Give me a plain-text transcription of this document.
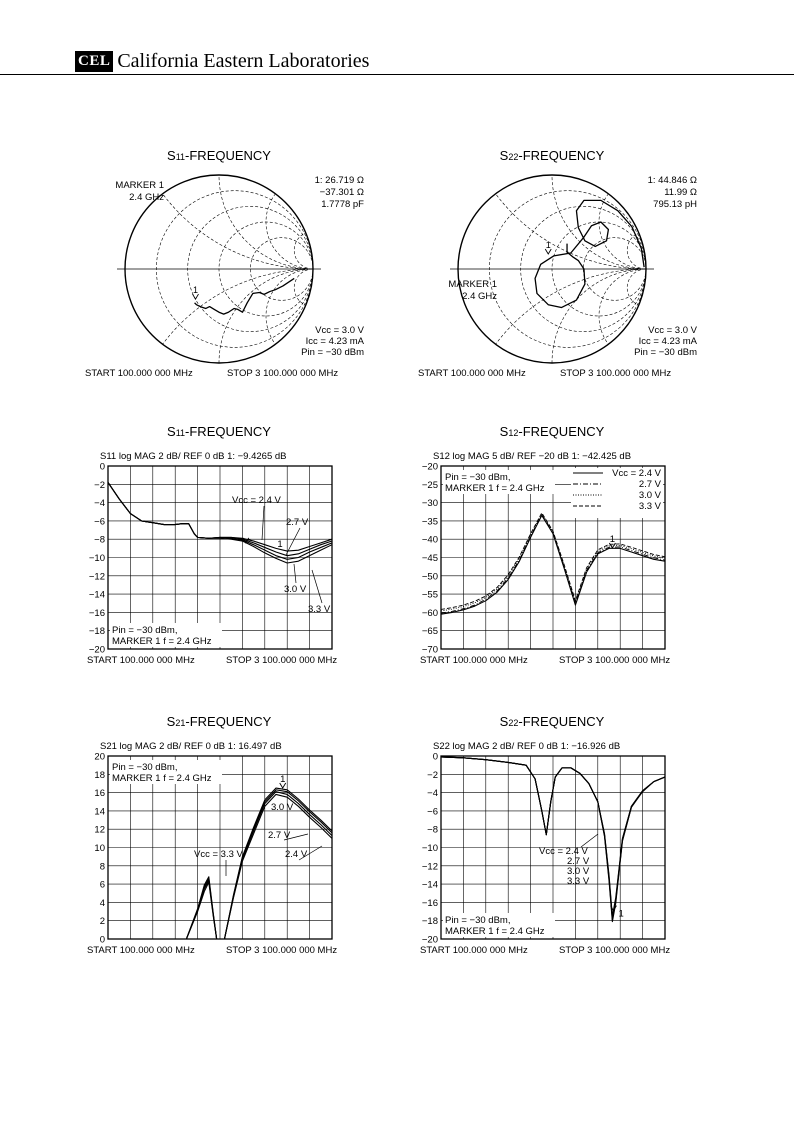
CEL California Eastern Laboratories
S11-FREQUENCY
1
MARKER 1
2.4 GHz
1: 26.719 Ω
−37.301 Ω
1.7778 pF
Vcc = 3.0 V
Icc = 4.23 mA
Pin = −30 dBm
START 100.000 000 MHz	STOP 3 100.000 000 MHz
S22-FREQUENCY
1
MARKER 1
2.4 GHz
1: 44.846 Ω
11.99 Ω
795.13 pH
Vcc = 3.0 V
Icc = 4.23 mA
Pin = −30 dBm
START 100.000 000 MHz	STOP 3 100.000 000 MHz
S11-FREQUENCY
S11 log MAG 2 dB/ REF 0 dB 1: −9.4265 dB
0
−2
−4
−6
−8
−10
−12
−14
−16
−18
−20
Pin = −30 dBm,
MARKER 1 f = 2.4 GHz
Vcc = 2.4 V
2.7 V
1
3.0 V
3.3 V
START 100.000 000 MHz	STOP 3 100.000 000 MHz
S12-FREQUENCY
S12 log MAG 5 dB/ REF −20 dB 1: −42.425 dB
−20
−25
−30
−35
−40
−45
−50
−55
−60
−65
−70
Pin = −30 dBm,
MARKER 1 f = 2.4 GHz
Vcc = 2.4 V
2.7 V
3.0 V
3.3 V
1
START 100.000 000 MHz	STOP 3 100.000 000 MHz
S21-FREQUENCY
S21 log MAG 2 dB/ REF 0 dB 1: 16.497 dB
20
18
16
14
12
10
8
6
4
2
0
Pin = −30 dBm,
MARKER 1 f = 2.4 GHz
Vcc = 3.3 V
1
3.0 V
2.7 V
2.4 V
START 100.000 000 MHz	STOP 3 100.000 000 MHz
S22-FREQUENCY
S22 log MAG 2 dB/ REF 0 dB 1: −16.926 dB
0
−2
−4
−6
−8
−10
−12
−14
−16
−18
−20
Pin = −30 dBm,
MARKER 1 f = 2.4 GHz
Vcc = 2.4 V
2.7 V
3.0 V
3.3 V
1
START 100.000 000 MHz	STOP 3 100.000 000 MHz
